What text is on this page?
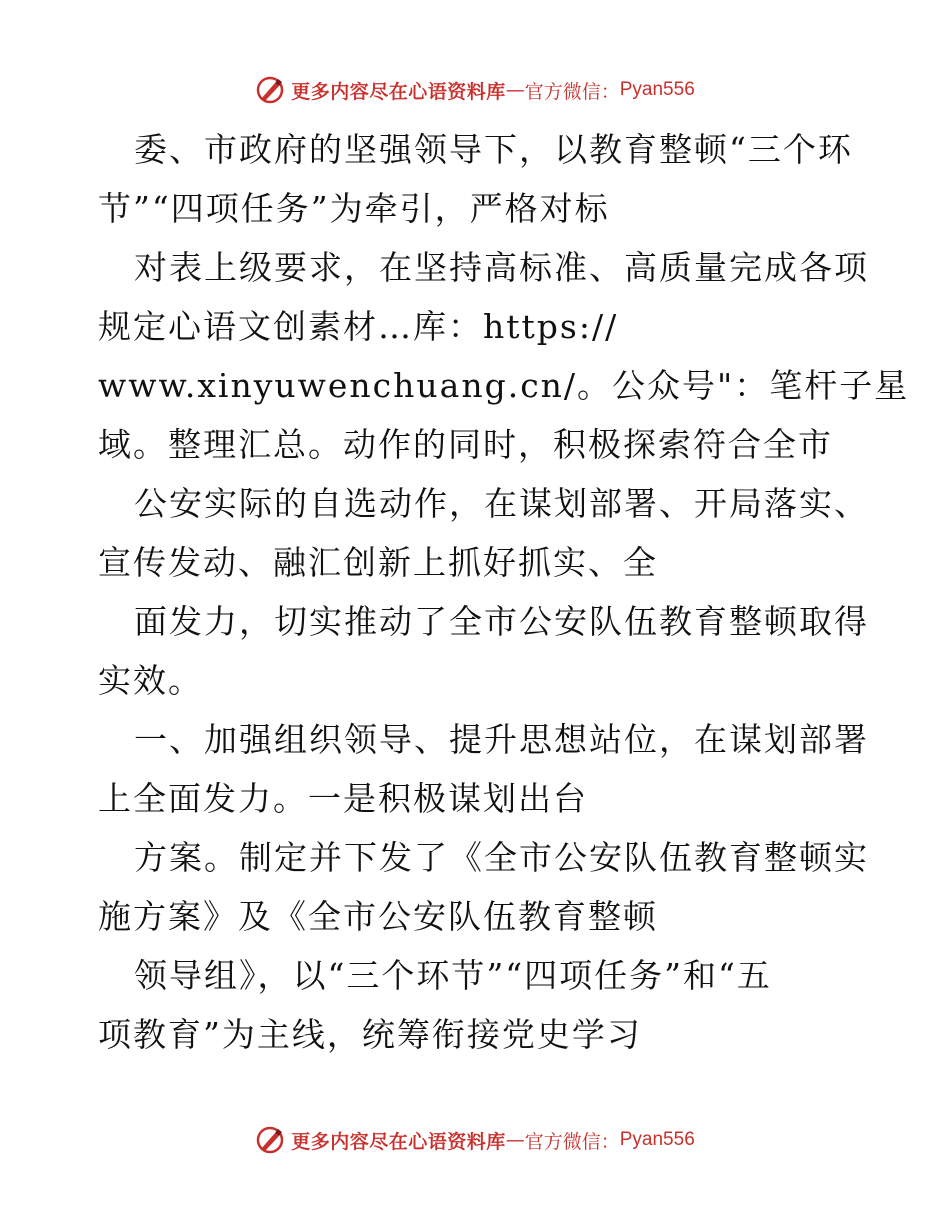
更多内容尽在心语资料库 — 官方微信： Pyan556
委、市政府的坚强领导下，以教育整顿“三个环
节”“四项任务”为牵引，严格对标
对表上级要求，在坚持高标准、高质量完成各项
规定心语文创素材…库：https://
www.xinyuwenchuang.cn/。公众号"：笔杆子星
域。整理汇总。动作的同时，积极探索符合全市
公安实际的自选动作，在谋划部署、开局落实、
宣传发动、融汇创新上抓好抓实、全
面发力，切实推动了全市公安队伍教育整顿取得
实效。
一、加强组织领导、提升思想站位，在谋划部署
上全面发力。一是积极谋划出台
方案。制定并下发了《全市公安队伍教育整顿实
施方案》及《全市公安队伍教育整顿
领导组》，以“三个环节”“四项任务”和“五
项教育”为主线，统筹衔接党史学习
更多内容尽在心语资料库 — 官方微信： Pyan556
